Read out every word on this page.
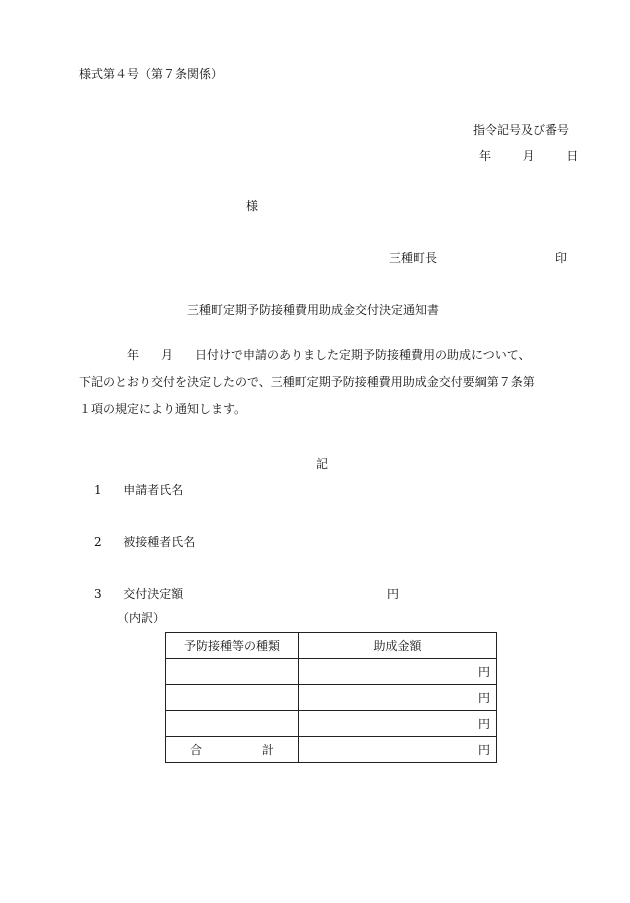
様式第４号（第７条関係）
指令記号及び番号
年	月	日
様
三種町長	印
三種町定期予防接種費用助成金交付決定通知書

年 月 日付けで申請のありました定期予防接種費用の助成について、

下記のとおり交付を決定したので、三種町定期予防接種費用助成金交付要綱第７条第

１項の規定により通知します。

記
1 申請者氏名
2 被接種者氏名
3 交付決定額	円
（内訳）
予防接種等の種類	助成金額
	円
	円
	円
合 計	円
